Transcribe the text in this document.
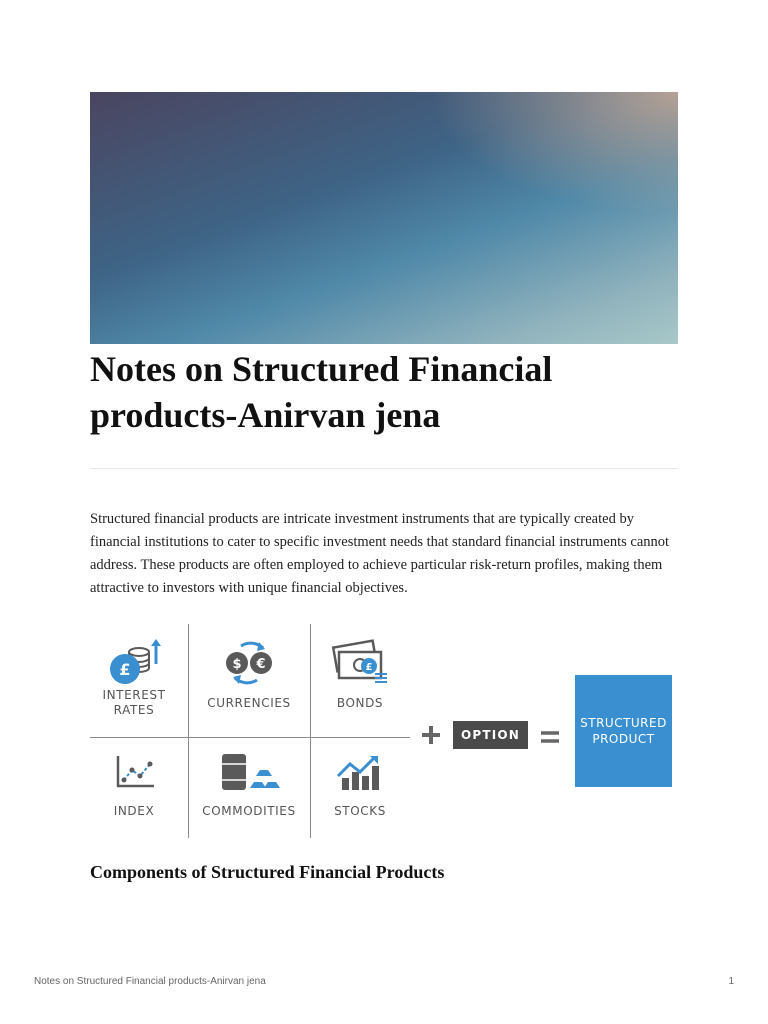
Notes on Structured Financial products-Anirvan jena

Structured financial products are intricate investment instruments that are typically created by financial institutions to cater to specific investment needs that standard financial instruments cannot address. These products are often employed to achieve particular risk-return profiles, making them attractive to investors with unique financial objectives.

£
INTEREST
RATES
$ €
CURRENCIES
£
BONDS
INDEX	COMMODITIES	STOCKS
OPTION
STRUCTURED
PRODUCT
Components of Structured Financial Products
Notes on Structured Financial products-Anirvan jena	1
